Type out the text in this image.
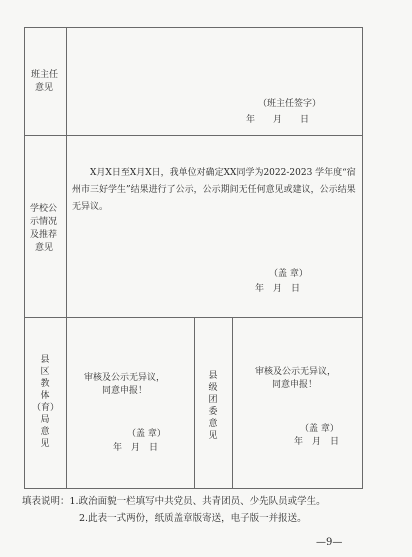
班主任
意见
（班主任签字）
年　　月　　日
学校公
示情况
及推荐
意见
X月X日至X月X日，我单位对确定XX同学为2022-2023 学年度“宿州市三好学生”结果进行了公示，公示期间无任何意见或建议，公示结果无异议。
（盖 章）
年　月　日
县
区
教
体
（育）
局
意
见
审核及公示无异议，
同意申报！
（盖 章）
年　月　日
县
级
团
委
意
见
审核及公示无异议，
同意申报！
（盖 章）
年　月　日
填表说明：1.政治面貌一栏填写中共党员、共青团员、少先队员或学生。
2.此表一式两份，纸质盖章版寄送，电子版一并报送。
—9—
